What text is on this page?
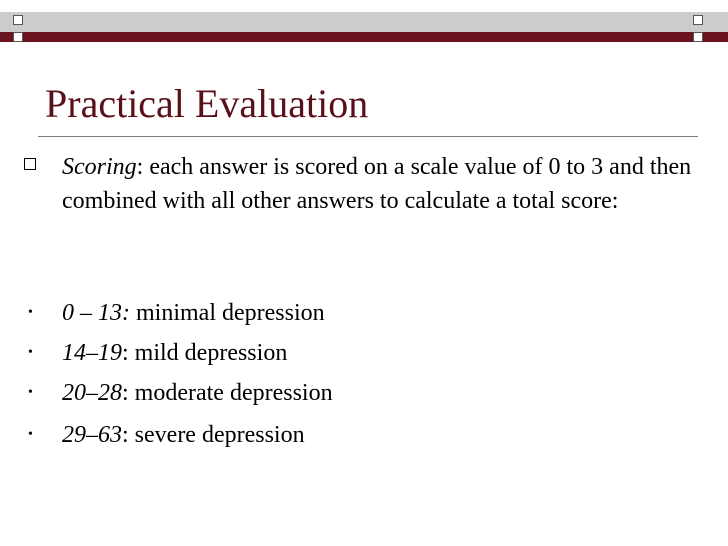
Practical Evaluation
Scoring: each answer is scored on a scale value of 0 to 3 and then combined with all other answers to calculate a total score:
• 0 – 13: minimal depression
• 14–19: mild depression
• 20–28: moderate depression
• 29–63: severe depression
